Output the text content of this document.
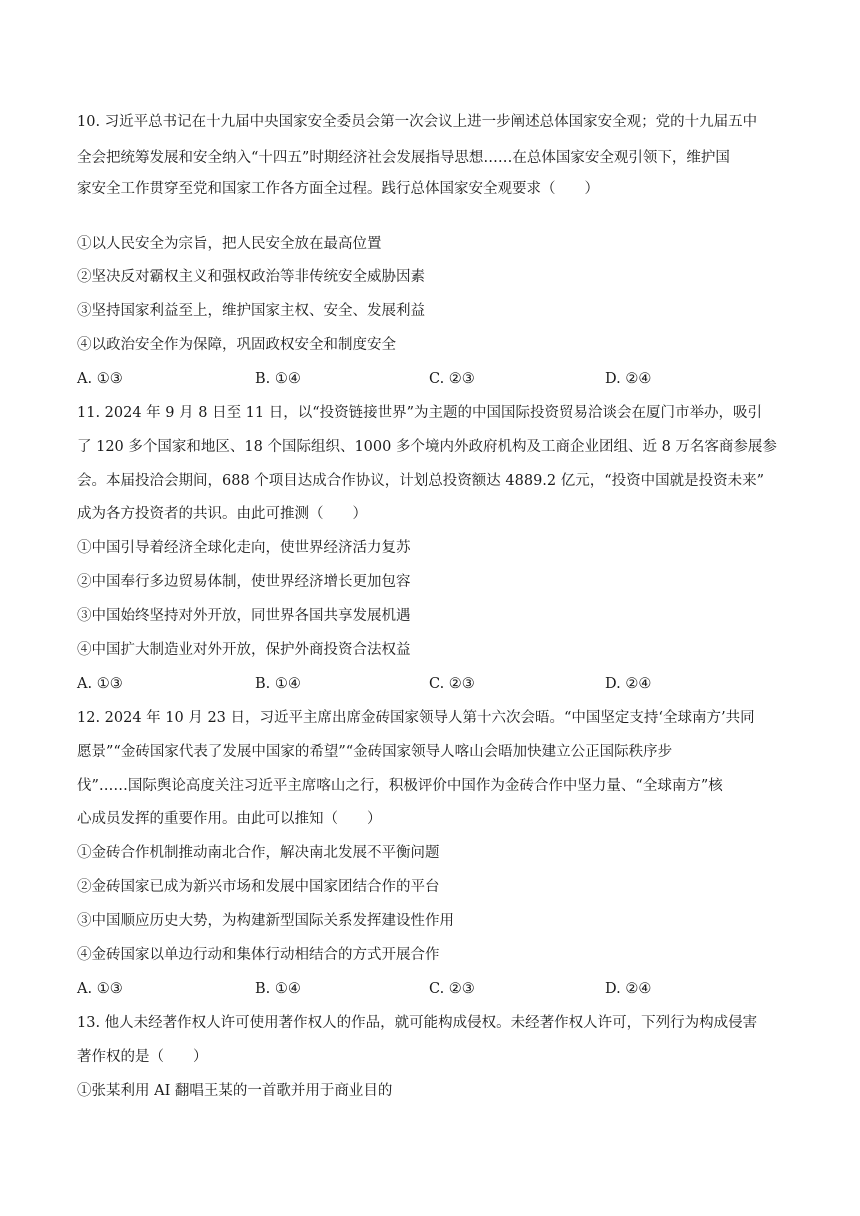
10. 习近平总书记在十九届中央国家安全委员会第一次会议上进一步阐述总体国家安全观；党的十九届五中
全会把统筹发展和安全纳入“十四五”时期经济社会发展指导思想……在总体国家安全观引领下，维护国
家安全工作贯穿至党和国家工作各方面全过程。践行总体国家安全观要求（　　）
①以人民安全为宗旨，把人民安全放在最高位置
②坚决反对霸权主义和强权政治等非传统安全威胁因素
③坚持国家利益至上，维护国家主权、安全、发展利益
④以政治安全作为保障，巩固政权安全和制度安全
A. ①③	B. ①④	C. ②③	D. ②④
11. 2024 年 9 月 8 日至 11 日，以“投资链接世界”为主题的中国国际投资贸易洽谈会在厦门市举办，吸引
了 120 多个国家和地区、18 个国际组织、1000 多个境内外政府机构及工商企业团组、近 8 万名客商参展参
会。本届投洽会期间，688 个项目达成合作协议，计划总投资额达 4889.2 亿元，“投资中国就是投资未来”
成为各方投资者的共识。由此可推测（　　）
①中国引导着经济全球化走向，使世界经济活力复苏
②中国奉行多边贸易体制，使世界经济增长更加包容
③中国始终坚持对外开放，同世界各国共享发展机遇
④中国扩大制造业对外开放，保护外商投资合法权益
A. ①③	B. ①④	C. ②③	D. ②④
12. 2024 年 10 月 23 日，习近平主席出席金砖国家领导人第十六次会晤。“中国坚定支持‘全球南方’共同
愿景”“金砖国家代表了发展中国家的希望”“金砖国家领导人喀山会晤加快建立公正国际秩序步
伐”……国际舆论高度关注习近平主席喀山之行，积极评价中国作为金砖合作中坚力量、“全球南方”核
心成员发挥的重要作用。由此可以推知（　　）
①金砖合作机制推动南北合作，解决南北发展不平衡问题
②金砖国家已成为新兴市场和发展中国家团结合作的平台
③中国顺应历史大势，为构建新型国际关系发挥建设性作用
④金砖国家以单边行动和集体行动相结合的方式开展合作
A. ①③	B. ①④	C. ②③	D. ②④
13. 他人未经著作权人许可使用著作权人的作品，就可能构成侵权。未经著作权人许可，下列行为构成侵害
著作权的是（　　）
①张某利用 AI 翻唱王某的一首歌并用于商业目的
